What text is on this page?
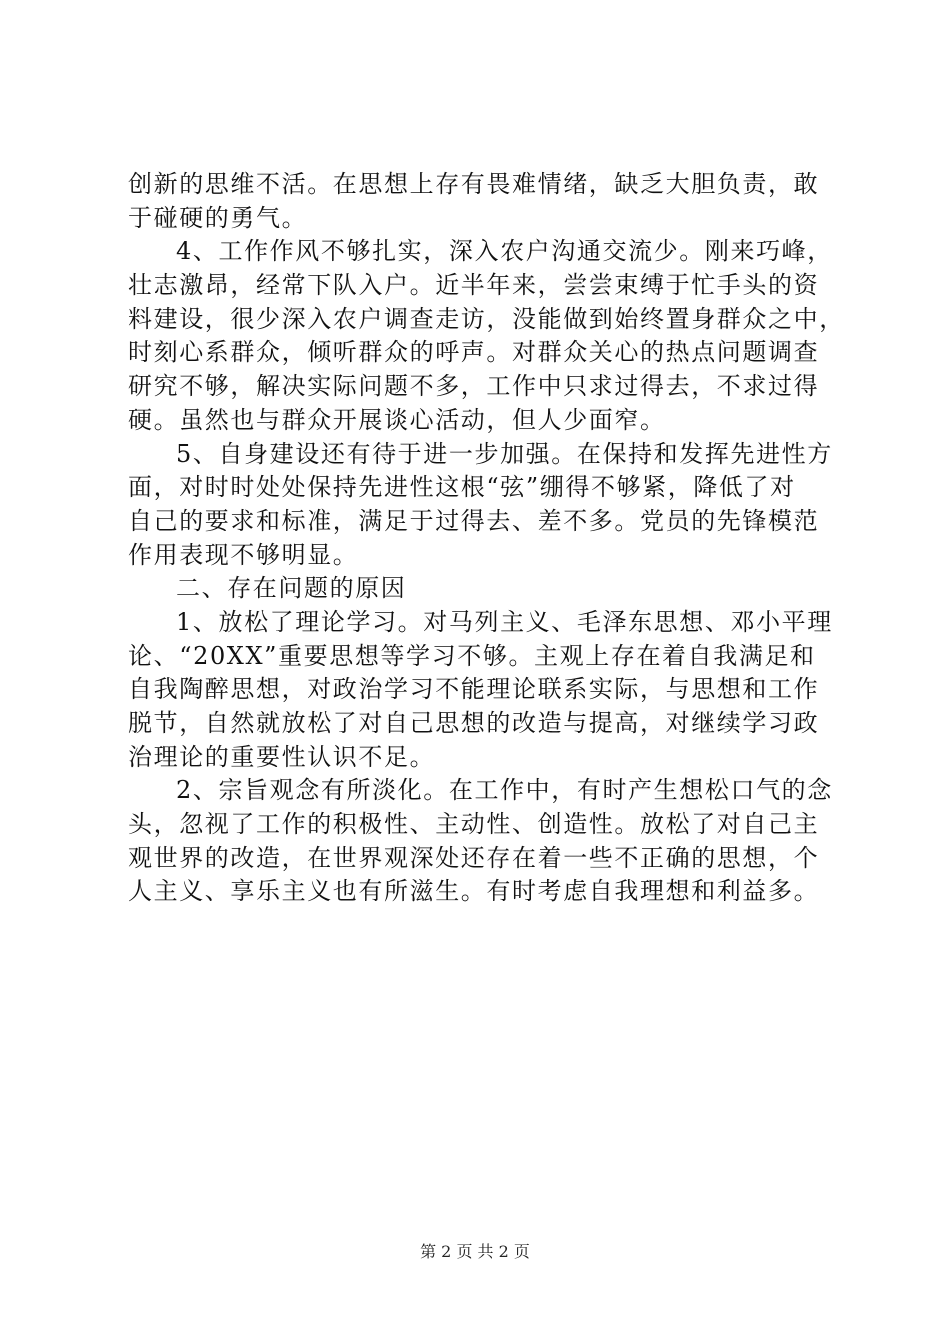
创新的思维不活。在思想上存有畏难情绪，缺乏大胆负责，敢
于碰硬的勇气。
4、工作作风不够扎实，深入农户沟通交流少。刚来巧峰，
壮志激昂，经常下队入户。近半年来，尝尝束缚于忙手头的资
料建设，很少深入农户调查走访，没能做到始终置身群众之中，
时刻心系群众，倾听群众的呼声。对群众关心的热点问题调查
研究不够，解决实际问题不多，工作中只求过得去，不求过得
硬。虽然也与群众开展谈心活动，但人少面窄。
5、自身建设还有待于进一步加强。在保持和发挥先进性方
面，对时时处处保持先进性这根“弦”绷得不够紧，降低了对
自己的要求和标准，满足于过得去、差不多。党员的先锋模范
作用表现不够明显。
二、存在问题的原因
1、放松了理论学习。对马列主义、毛泽东思想、邓小平理
论、“20XX”重要思想等学习不够。主观上存在着自我满足和
自我陶醉思想，对政治学习不能理论联系实际，与思想和工作
脱节，自然就放松了对自己思想的改造与提高，对继续学习政
治理论的重要性认识不足。
2、宗旨观念有所淡化。在工作中，有时产生想松口气的念
头，忽视了工作的积极性、主动性、创造性。放松了对自己主
观世界的改造，在世界观深处还存在着一些不正确的思想，个
人主义、享乐主义也有所滋生。有时考虑自我理想和利益多。
第 2 页 共 2 页
